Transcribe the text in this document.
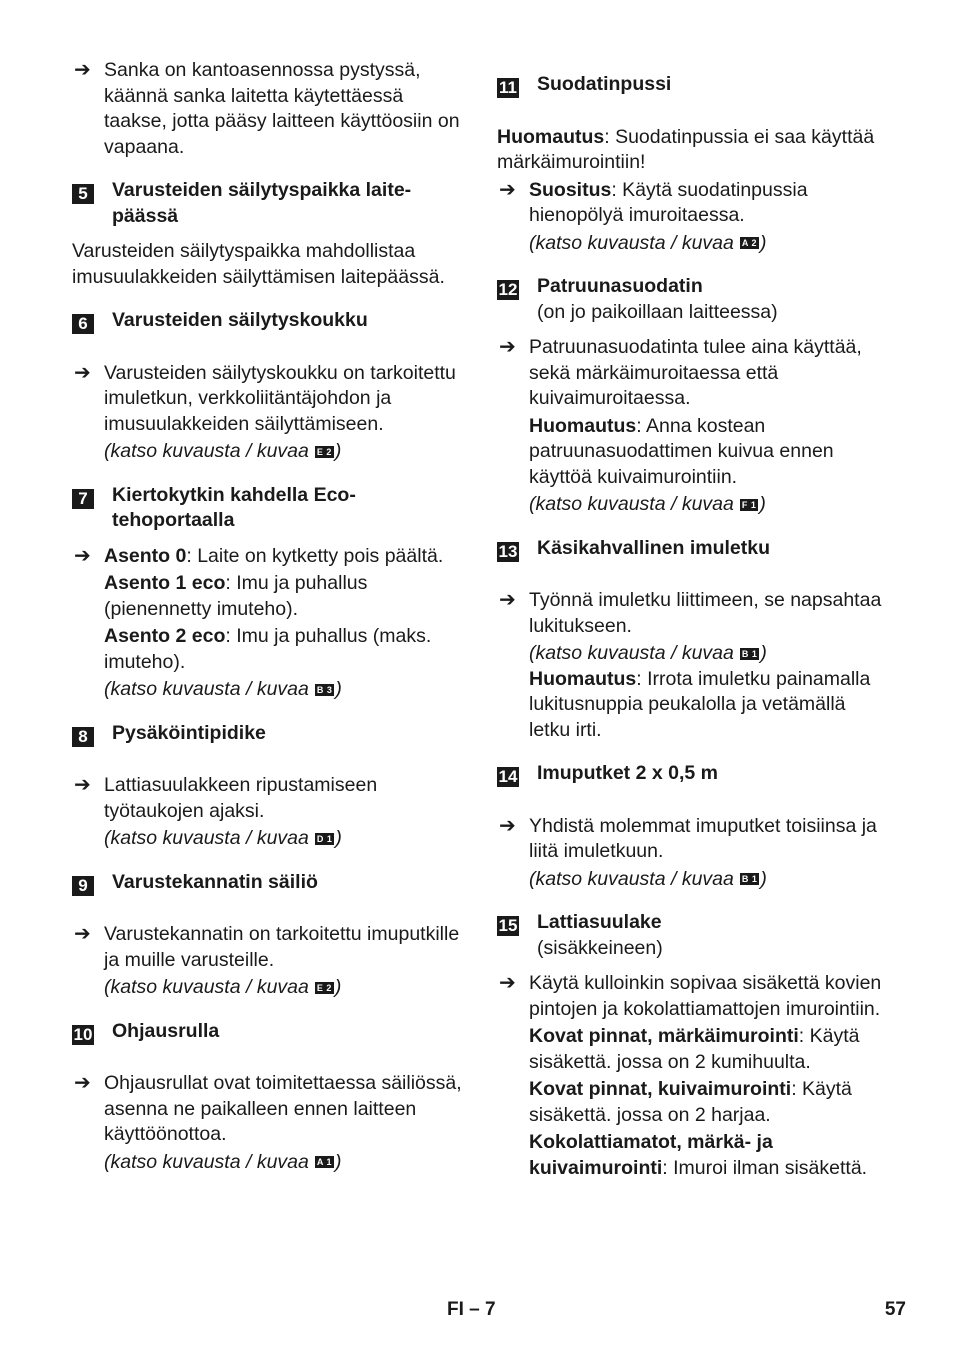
➔ Sanka on kantoasennossa pystyssä, käännä sanka laitetta käytettäessä taakse, jotta pääsy laitteen käyttöosiin on vapaana.
5	Varusteiden säilytyspaikka laite-päässä

Varusteiden säilytyspaikka mahdollistaa imusuulakkeiden säilyttämisen laitepäässä.

6	Varusteiden säilytyskoukku
➔ Varusteiden säilytyskoukku on tarkoitettu imuletkun, verkkoliitäntäjohdon ja imusuulakkeiden säilyttämiseen.
(katso kuvausta / kuvaa E 2 )
7	Kiertokytkin kahdella Eco-tehoportaalla
➔ Asento 0: Laite on kytketty pois päältä.
Asento 1 eco: Imu ja puhallus (pienennetty imuteho).
Asento 2 eco: Imu ja puhallus (maks. imuteho).
(katso kuvausta / kuvaa B 3 )
8	Pysäköintipidike
➔ Lattiasuulakkeen ripustamiseen työtaukojen ajaksi.
(katso kuvausta / kuvaa D 1 )
9	Varustekannatin säiliö
➔ Varustekannatin on tarkoitettu imuputkille ja muille varusteille.
(katso kuvausta / kuvaa E 2 )
10 Ohjausrulla
➔ Ohjausrullat ovat toimitettaessa säiliössä, asenna ne paikalleen ennen laitteen käyttöönottoa.
(katso kuvausta / kuvaa A 1 )
11 Suodatinpussi

Huomautus: Suodatinpussia ei saa käyttää märkäimurointiin!

➔ Suositus: Käytä suodatinpussia hienopölyä imuroitaessa.
(katso kuvausta / kuvaa A 2 )
12 Patruunasuodatin
(on jo paikoillaan laitteessa)
➔ Patruunasuodatinta tulee aina käyttää, sekä märkäimuroitaessa että kuivaimuroitaessa.
Huomautus: Anna kostean patruunasuodattimen kuivua ennen käyttöä kuivaimurointiin.
(katso kuvausta / kuvaa F 1 )
13 Käsikahvallinen imuletku
➔ Työnnä imuletku liittimeen, se napsahtaa lukitukseen.
(katso kuvausta / kuvaa B 1 )
Huomautus: Irrota imuletku painamalla lukitusnuppia peukalolla ja vetämällä letku irti.
14 Imuputket 2 x 0,5 m
➔ Yhdistä molemmat imuputket toisiinsa ja liitä imuletkuun.
(katso kuvausta / kuvaa B 1 )
15 Lattiasuulake
(sisäkkeineen)
➔ Käytä kulloinkin sopivaa sisäkettä kovien pintojen ja kokolattiamattojen imurointiin.
Kovat pinnat, märkäimurointi: Käytä sisäkettä. jossa on 2 kumihuulta.
Kovat pinnat, kuivaimurointi: Käytä sisäkettä. jossa on 2 harjaa.
Kokolattiamatot, märkä- ja kuivaimurointi: Imuroi ilman sisäkettä.
FI – 7	57
